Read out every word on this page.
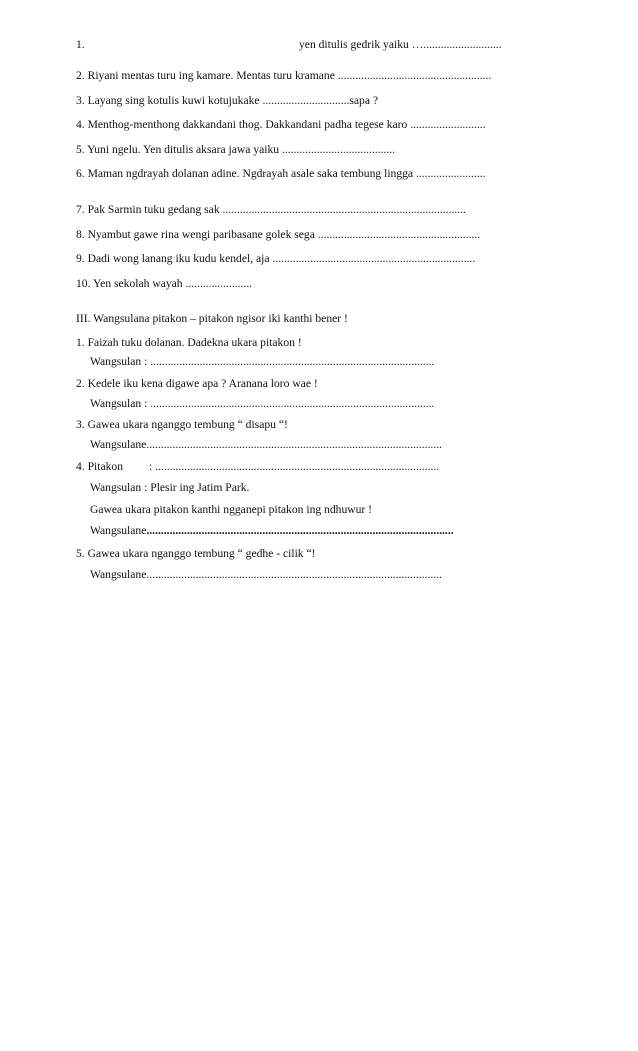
1.	yen ditulis gedrik yaiku …...........................
2. Riyani mentas turu ing kamare. Mentas turu kramane .....................................................
3. Layang sing kotulis kuwi kotujukake ..............................sapa ?
4. Menthog-menthong dakkandani thog. Dakkandani padha tegese karo ..........................
5. Yuni ngelu. Yen ditulis aksara jawa yaiku .......................................
6. Maman ngdrayah dolanan adine. Ngdrayah asale saka tembung lingga ........................
7. Pak Sarmin tuku gedang sak ....................................................................................
8. Nyambut gawe rina wengi paribasane golek sega ........................................................
9. Dadi wong lanang iku kudu kendel, aja ......................................................................
10. Yen sekolah wayah .......................
III. Wangsulana pitakon – pitakon ngisor iki kanthi bener !
1. Faizah tuku dolanan. Dadekna ukara pitakon !
Wangsulan : ..................................................................................................
2. Kedele iku kena digawe apa ? Aranana loro wae !
Wangsulan : ..................................................................................................
3. Gawea ukara nganggo tembung “ disapu “!
Wangsulane......................................................................................................
4. Pitakon : ..................................................................................................
Wangsulan : Plesir ing Jatim Park.
Gawea ukara pitakon kanthi ngganepi pitakon ing ndhuwur !
Wangsulane..........................................................................................................
5. Gawea ukara nganggo tembung “ gedhe - cilik “!
Wangsulane......................................................................................................
